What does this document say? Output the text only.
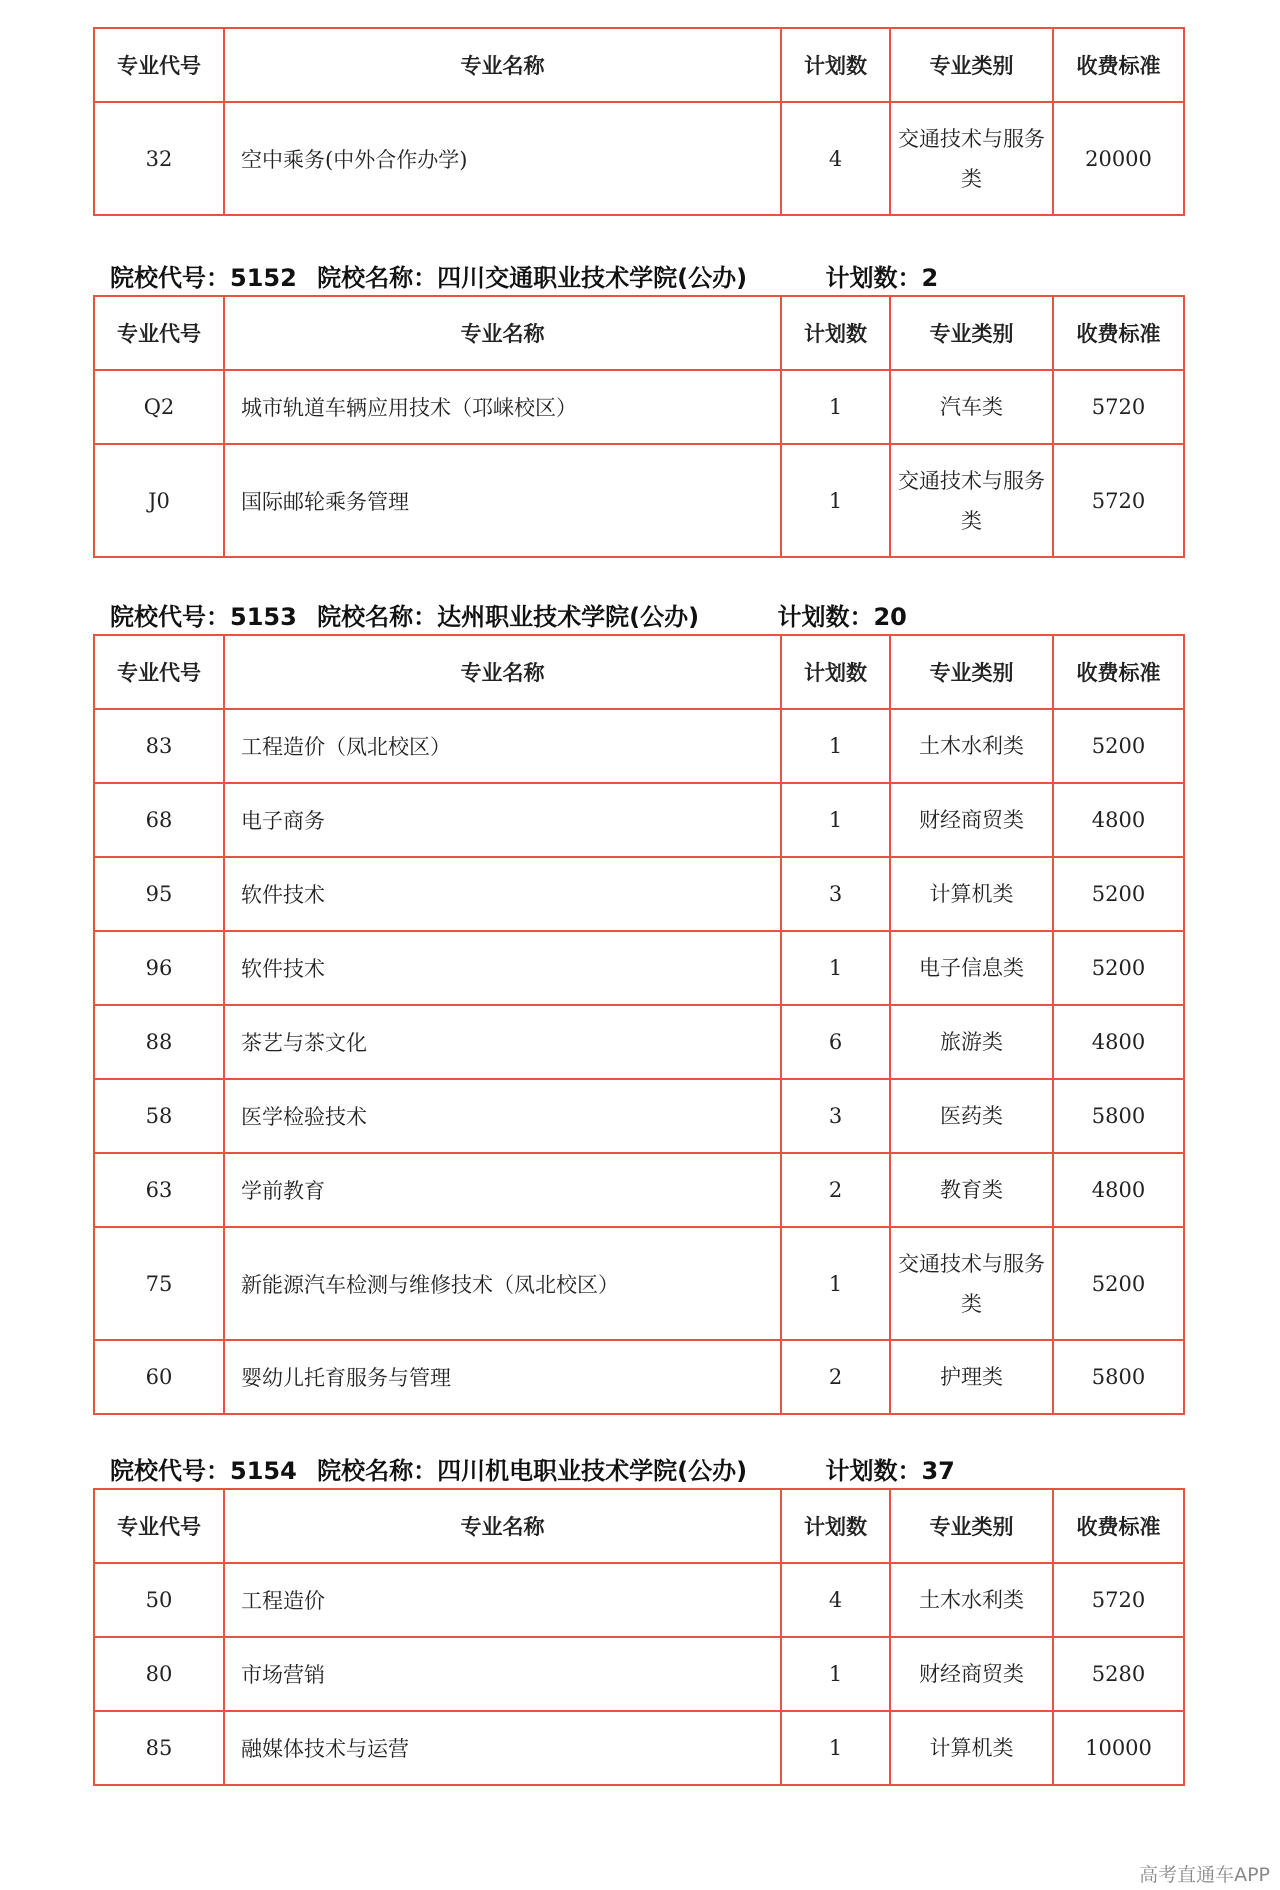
专业代号	专业名称	计划数	专业类别	收费标准
32	空中乘务(中外合作办学)	4	交通技术与服务类	20000
院校代号：5152 院校名称：四川交通职业技术学院(公办)	计划数：2
专业代号	专业名称	计划数	专业类别	收费标准
Q2	城市轨道车辆应用技术（邛崃校区）	1	汽车类	5720
J0	国际邮轮乘务管理	1	交通技术与服务类	5720
院校代号：5153 院校名称：达州职业技术学院(公办)	计划数：20
专业代号	专业名称	计划数	专业类别	收费标准
83	工程造价（凤北校区）	1	土木水利类	5200
68	电子商务	1	财经商贸类	4800
95	软件技术	3	计算机类	5200
96	软件技术	1	电子信息类	5200
88	茶艺与茶文化	6	旅游类	4800
58	医学检验技术	3	医药类	5800
63	学前教育	2	教育类	4800
75	新能源汽车检测与维修技术（凤北校区）	1	交通技术与服务类	5200
60	婴幼儿托育服务与管理	2	护理类	5800
院校代号：5154 院校名称：四川机电职业技术学院(公办)	计划数：37
专业代号	专业名称	计划数	专业类别	收费标准
50	工程造价	4	土木水利类	5720
80	市场营销	1	财经商贸类	5280
85	融媒体技术与运营	1	计算机类	10000
高考直通车APP
